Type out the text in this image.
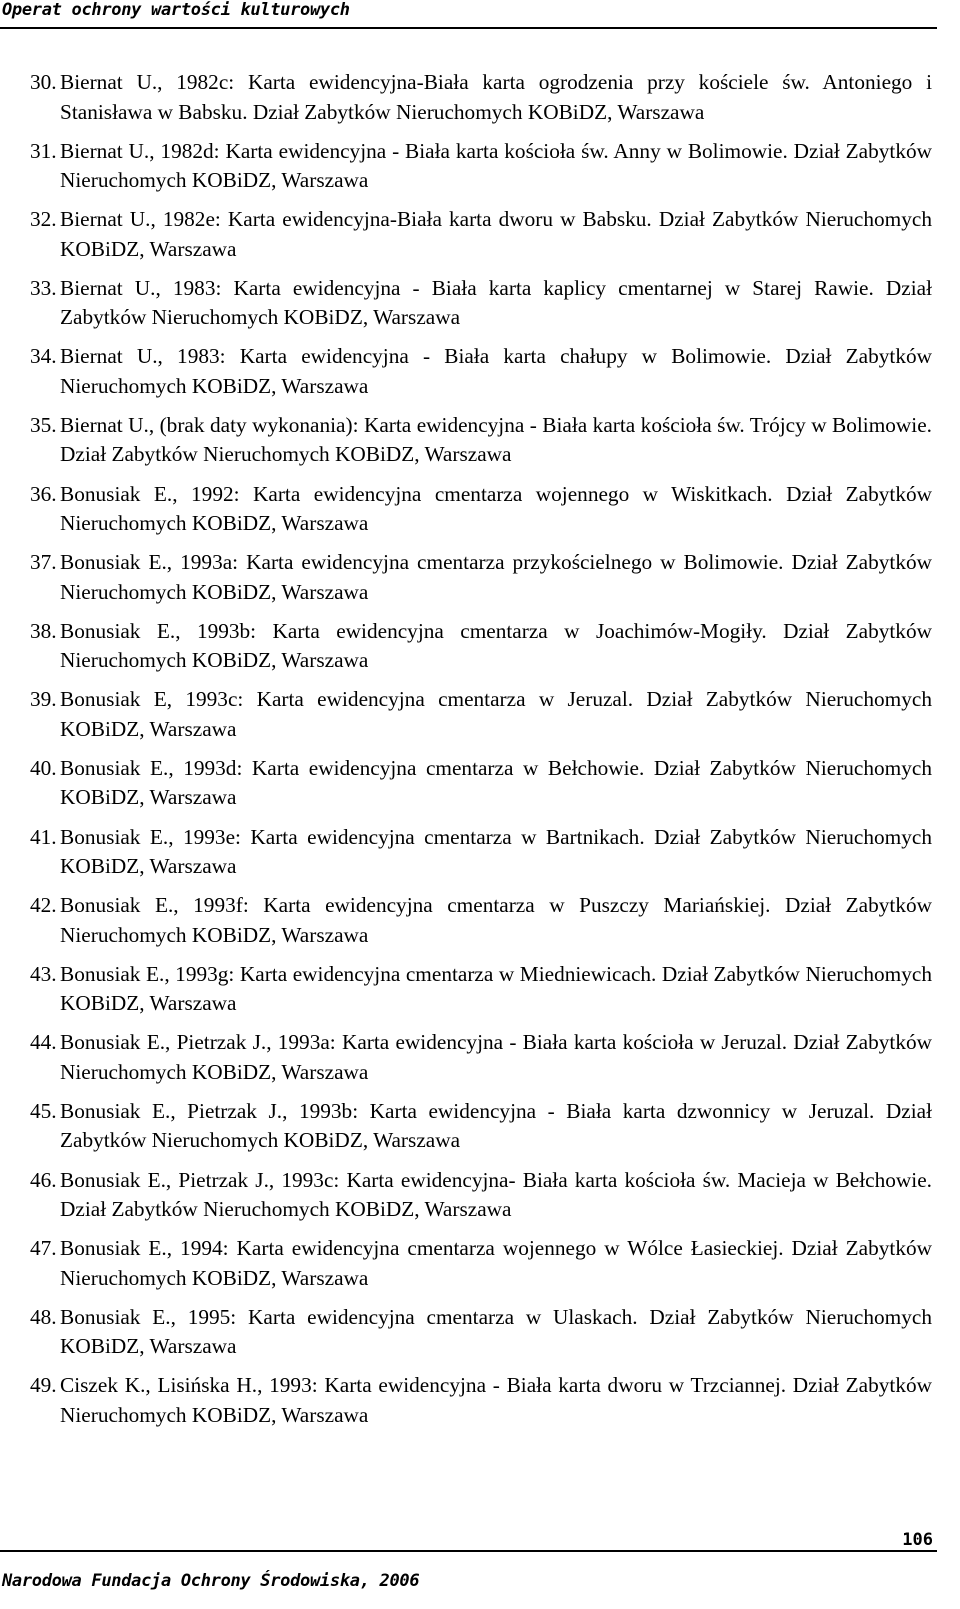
Operat ochrony wartości kulturowych
30. Biernat U., 1982c: Karta ewidencyjna-Biała karta ogrodzenia przy kościele św. Antoniego i Stanisława w Babsku. Dział Zabytków Nieruchomych KOBiDZ, Warszawa
31. Biernat U., 1982d: Karta ewidencyjna - Biała karta kościoła św. Anny w Bolimowie. Dział Zabytków Nieruchomych KOBiDZ, Warszawa
32. Biernat U., 1982e: Karta ewidencyjna-Biała karta dworu w Babsku. Dział Zabytków Nieruchomych KOBiDZ, Warszawa
33. Biernat U., 1983: Karta ewidencyjna - Biała karta kaplicy cmentarnej w Starej Rawie. Dział Zabytków Nieruchomych KOBiDZ, Warszawa
34. Biernat U., 1983: Karta ewidencyjna - Biała karta chałupy w Bolimowie. Dział Zabytków Nieruchomych KOBiDZ, Warszawa
35. Biernat U., (brak daty wykonania): Karta ewidencyjna - Biała karta kościoła św. Trójcy w Bolimowie. Dział Zabytków Nieruchomych KOBiDZ, Warszawa
36. Bonusiak E., 1992: Karta ewidencyjna cmentarza wojennego w Wiskitkach. Dział Zabytków Nieruchomych KOBiDZ, Warszawa
37. Bonusiak E., 1993a: Karta ewidencyjna cmentarza przykościelnego w Bolimowie. Dział Zabytków Nieruchomych KOBiDZ, Warszawa
38. Bonusiak E., 1993b: Karta ewidencyjna cmentarza w Joachimów-Mogiły. Dział Zabytków Nieruchomych KOBiDZ, Warszawa
39. Bonusiak E, 1993c: Karta ewidencyjna cmentarza w Jeruzal. Dział Zabytków Nieruchomych KOBiDZ, Warszawa
40. Bonusiak E., 1993d: Karta ewidencyjna cmentarza w Bełchowie. Dział Zabytków Nieruchomych KOBiDZ, Warszawa
41. Bonusiak E., 1993e: Karta ewidencyjna cmentarza w Bartnikach. Dział Zabytków Nieruchomych KOBiDZ, Warszawa
42. Bonusiak E., 1993f: Karta ewidencyjna cmentarza w Puszczy Mariańskiej. Dział Zabytków Nieruchomych KOBiDZ, Warszawa
43. Bonusiak E., 1993g: Karta ewidencyjna cmentarza w Miedniewicach. Dział Zabytków Nieruchomych KOBiDZ, Warszawa
44. Bonusiak E., Pietrzak J., 1993a: Karta ewidencyjna - Biała karta kościoła w Jeruzal. Dział Zabytków Nieruchomych KOBiDZ, Warszawa
45. Bonusiak E., Pietrzak J., 1993b: Karta ewidencyjna - Biała karta dzwonnicy w Jeruzal. Dział Zabytków Nieruchomych KOBiDZ, Warszawa
46. Bonusiak E., Pietrzak J., 1993c: Karta ewidencyjna- Biała karta kościoła św. Macieja w Bełchowie. Dział Zabytków Nieruchomych KOBiDZ, Warszawa
47. Bonusiak E., 1994: Karta ewidencyjna cmentarza wojennego w Wólce Łasieckiej. Dział Zabytków Nieruchomych KOBiDZ, Warszawa
48. Bonusiak E., 1995: Karta ewidencyjna cmentarza w Ulaskach. Dział Zabytków Nieruchomych KOBiDZ, Warszawa
49. Ciszek K., Lisińska H., 1993: Karta ewidencyjna - Biała karta dworu w Trzciannej. Dział Zabytków Nieruchomych KOBiDZ, Warszawa
106
Narodowa Fundacja Ochrony Środowiska, 2006
